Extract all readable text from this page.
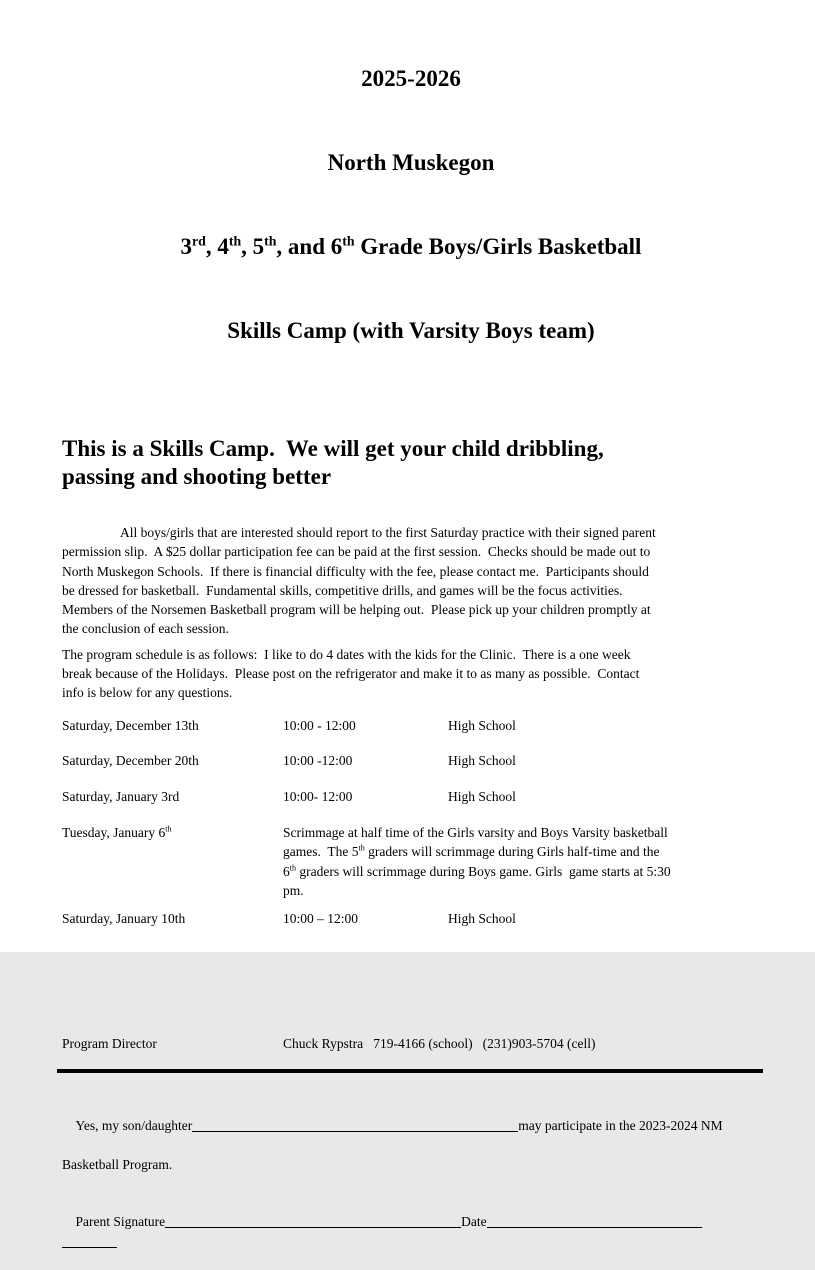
2025-2026

North Muskegon

3rd, 4th, 5th, and 6th Grade Boys/Girls Basketball

Skills Camp (with Varsity Boys team)

This is a Skills Camp.  We will get your child dribbling,
passing and shooting better

All boys/girls that are interested should report to the first Saturday practice with their signed parent
permission slip.  A $25 dollar participation fee can be paid at the first session.  Checks should be made out to
North Muskegon Schools.  If there is financial difficulty with the fee, please contact me.  Participants should
be dressed for basketball.  Fundamental skills, competitive drills, and games will be the focus activities.
Members of the Norsemen Basketball program will be helping out.  Please pick up your children promptly at
the conclusion of each session.

The program schedule is as follows:  I like to do 4 dates with the kids for the Clinic.  There is a one week
break because of the Holidays.  Please post on the refrigerator and make it to as many as possible.  Contact
info is below for any questions.

Saturday, December 13th	10:00 - 12:00	High School
Saturday, December 20th	10:00 -12:00	High School
Saturday, January 3rd	10:00- 12:00	High School
Tuesday, January 6th	Scrimmage at half time of the Girls varsity and Boys Varsity basketball
games.  The 5th graders will scrimmage during Girls half-time and the
6th graders will scrimmage during Boys game. Girls  game starts at 5:30
pm.
Saturday, January 10th	10:00 – 12:00	High School
Program Director	Chuck Rypstra   719-4166 (school)   (231)903-5704 (cell)

Yes, my son/daughter	may participate in the 2023-2024 NM

Basketball Program.

Parent Signature	Date
